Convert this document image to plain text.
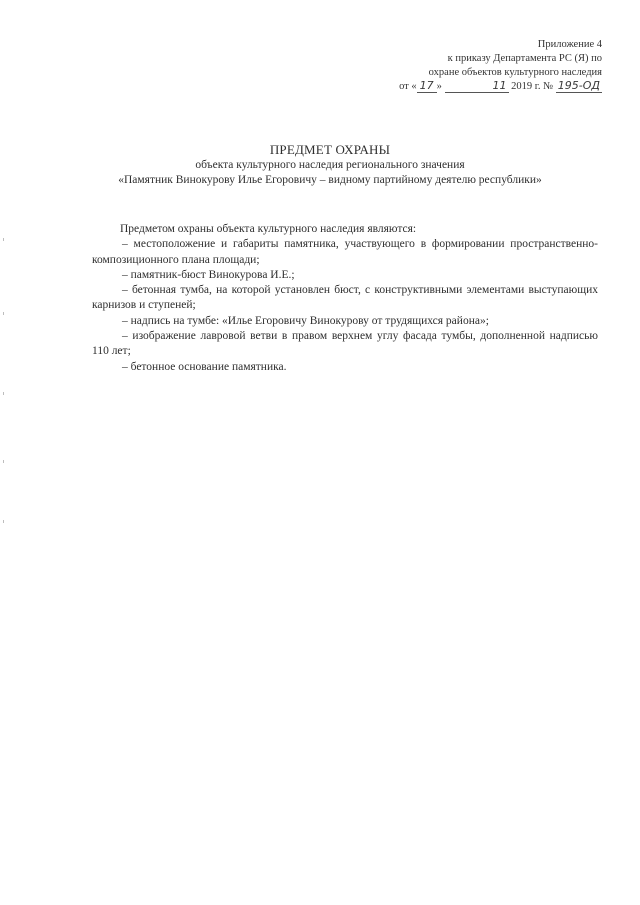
Приложение 4
к приказу Департамента РС (Я) по
охране объектов культурного наследия
от « 17 »	11 2019 г. № 195-ОД
ПРЕДМЕТ ОХРАНЫ
объекта культурного наследия регионального значения
«Памятник Винокурову Илье Егоровичу – видному партийному деятелю республики»

Предметом охраны объекта культурного наследия являются:

– местоположение и габариты памятника, участвующего в формировании пространственно-композиционного плана площади;

– памятник-бюст Винокурова И.Е.;

– бетонная тумба, на которой установлен бюст, с конструктивными элементами выступающих карнизов и ступеней;

– надпись на тумбе: «Илье Егоровичу Винокурову от трудящихся района»;

– изображение лавровой ветви в правом верхнем углу фасада тумбы, дополненной надписью 110 лет;

– бетонное основание памятника.
